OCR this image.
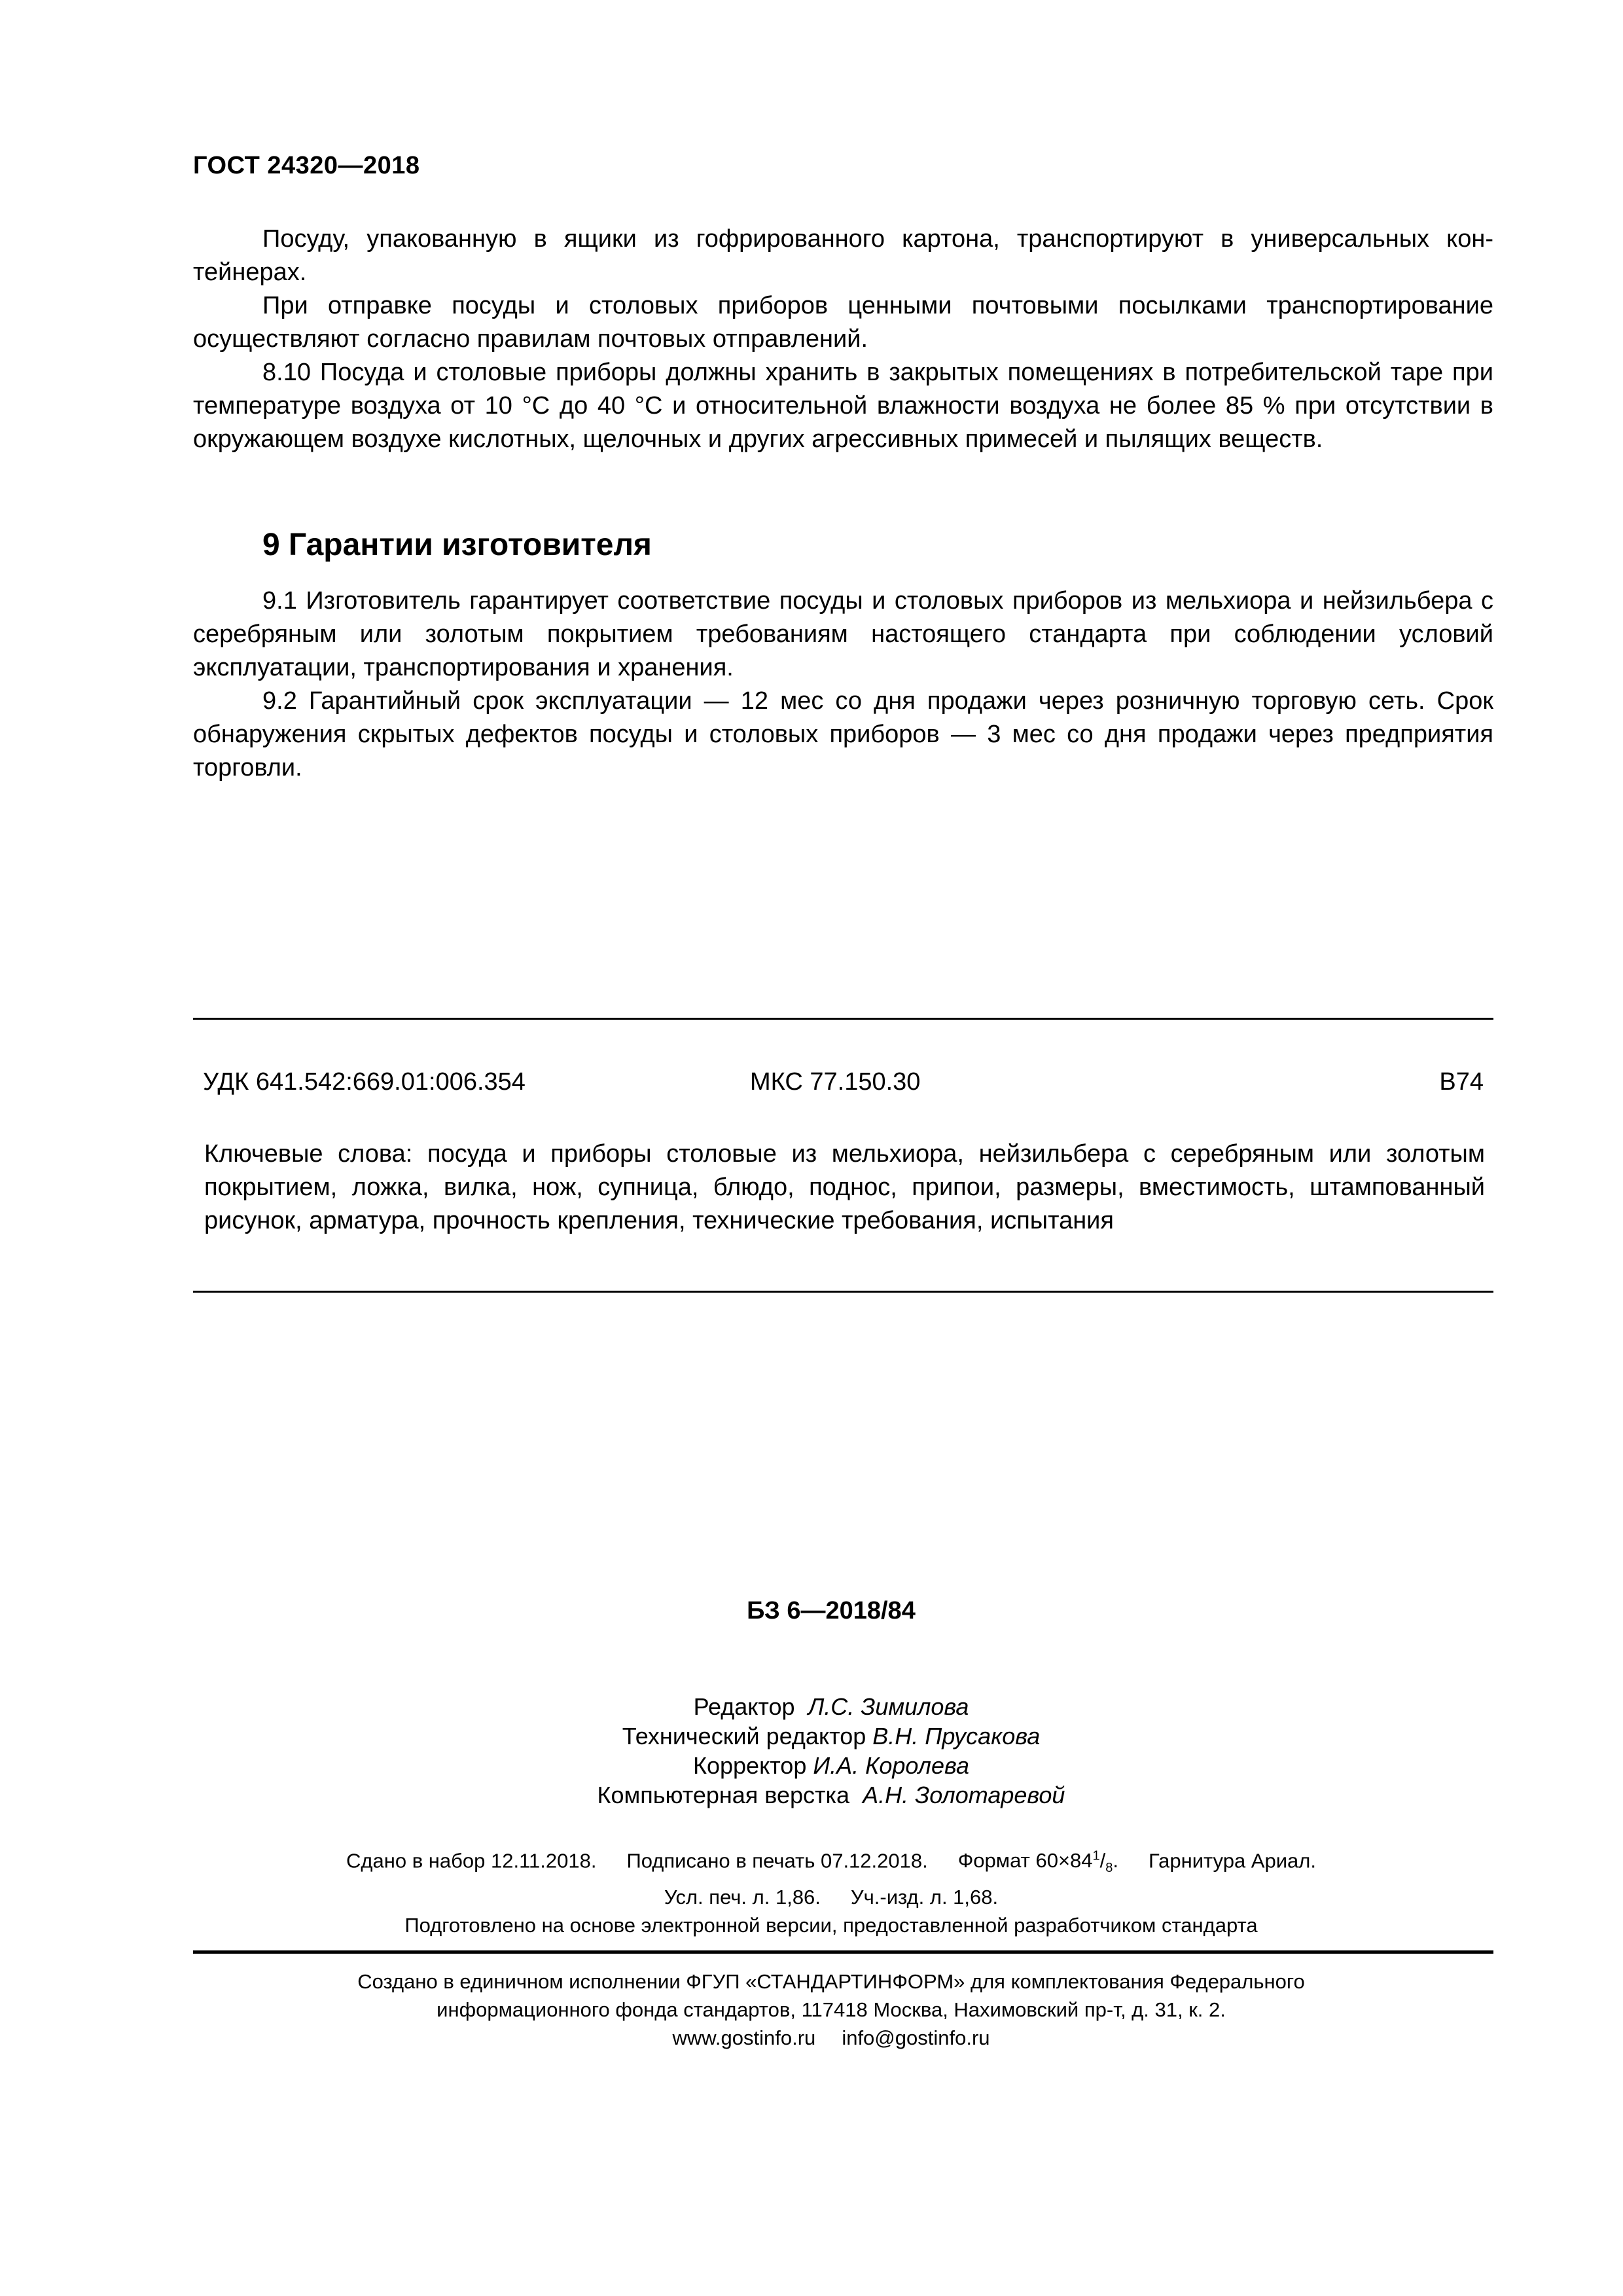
ГОСТ 24320—2018

Посуду, упакованную в ящики из гофрированного картона, транспортируют в универсальных кон-тейнерах.

При отправке посуды и столовых приборов ценными почтовыми посылками транспортирование осуществляют согласно правилам почтовых отправлений.

8.10 Посуда и столовые приборы должны хранить в закрытых помещениях в потребительской таре при температуре воздуха от 10 °С до 40 °С и относительной влажности воздуха не более 85 % при отсутствии в окружающем воздухе кислотных, щелочных и других агрессивных примесей и пылящих веществ.

9 Гарантии изготовителя

9.1 Изготовитель гарантирует соответствие посуды и столовых приборов из мельхиора и нейзильбера с серебряным или золотым покрытием требованиям настоящего стандарта при соблюдении условий эксплуатации, транспортирования и хранения.

9.2 Гарантийный срок эксплуатации — 12 мес со дня продажи через розничную торговую сеть. Срок обнаружения скрытых дефектов посуды и столовых приборов — 3 мес со дня продажи через предприятия торговли.

УДК 641.542:669.01:006.354	МКС 77.150.30	В74

Ключевые слова: посуда и приборы столовые из мельхиора, нейзильбера с серебряным или золотым покрытием, ложка, вилка, нож, супница, блюдо, поднос, припои, размеры, вместимость, штампованный рисунок, арматура, прочность крепления, технические требования, испытания

БЗ 6—2018/84
Редактор Л.С. Зимилова
Технический редактор В.Н. Прусакова
Корректор И.А. Королева
Компьютерная верстка А.Н. Золотаревой
Сдано в набор 12.11.2018. Подписано в печать 07.12.2018. Формат $60\times 84^1/_8$. Гарнитура Ариал.
Усл. печ. л. 1,86. Уч.-изд. л. 1,68.
Подготовлено на основе электронной версии, предоставленной разработчиком стандарта
Создано в единичном исполнении ФГУП «СТАНДАРТИНФОРМ» для комплектования Федерального
информационного фонда стандартов, 117418 Москва, Нахимовский пр-т, д. 31, к. 2.
www.gostinfo.ru info@gostinfo.ru
